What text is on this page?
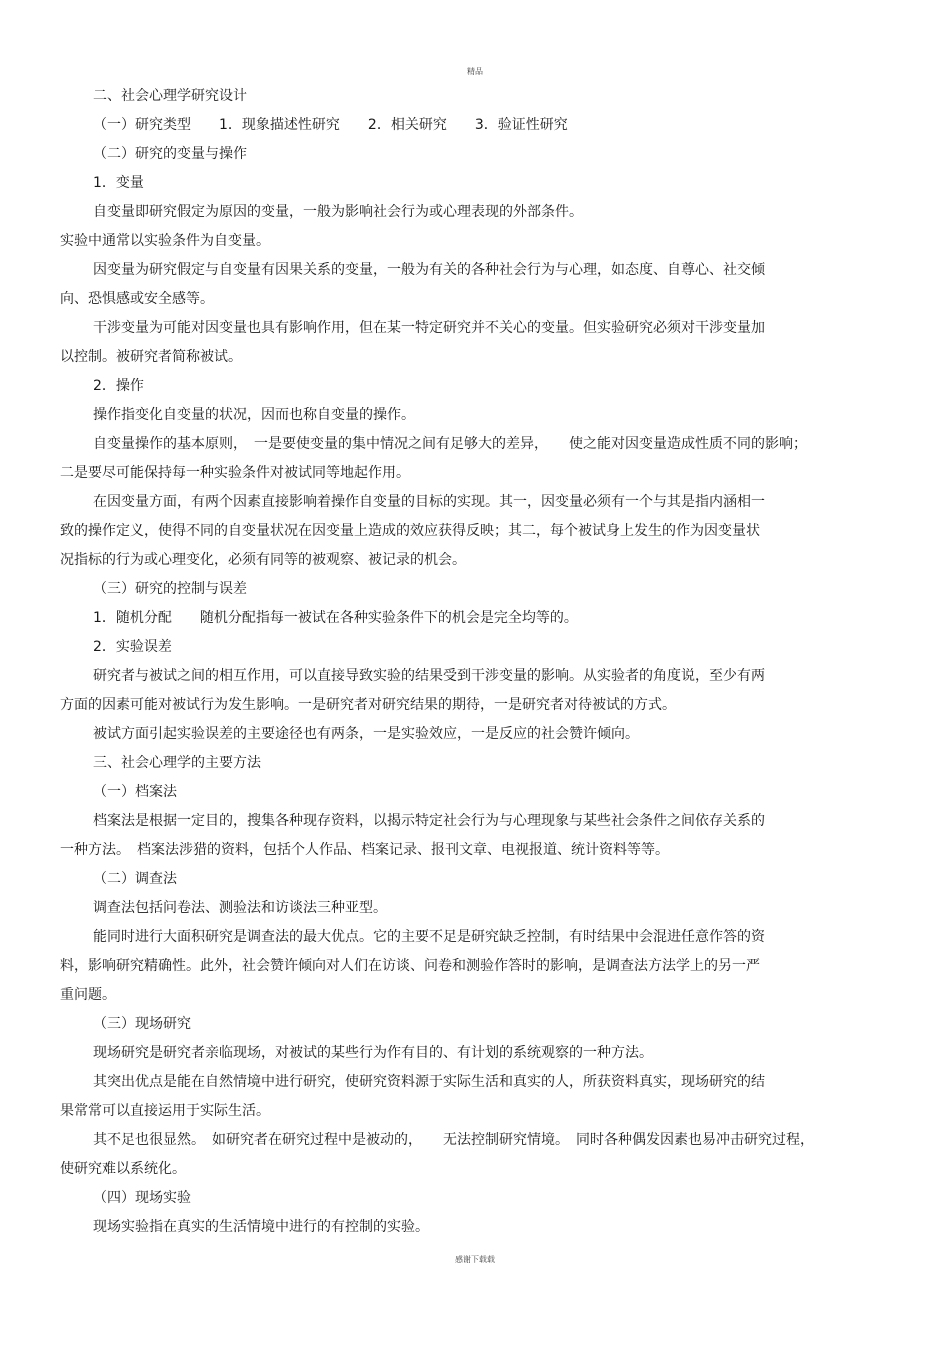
精品
二、社会心理学研究设计
（一）研究类型　　1．现象描述性研究　　2．相关研究　　3．验证性研究
（二）研究的变量与操作
1．变量
自变量即研究假定为原因的变量，一般为影响社会行为或心理表现的外部条件。
实验中通常以实验条件为自变量。
因变量为研究假定与自变量有因果关系的变量，一般为有关的各种社会行为与心理，如态度、自尊心、社交倾
向、恐惧感或安全感等。
干涉变量为可能对因变量也具有影响作用，但在某一特定研究并不关心的变量。但实验研究必须对干涉变量加
以控制。被研究者简称被试。
2．操作
操作指变化自变量的状况，因而也称自变量的操作。
自变量操作的基本原则，　一是要使变量的集中情况之间有足够大的差异，　　使之能对因变量造成性质不同的影响；
二是要尽可能保持每一种实验条件对被试同等地起作用。
在因变量方面，有两个因素直接影响着操作自变量的目标的实现。其一，因变量必须有一个与其是指内涵相一
致的操作定义，使得不同的自变量状况在因变量上造成的效应获得反映；其二，每个被试身上发生的作为因变量状
况指标的行为或心理变化，必须有同等的被观察、被记录的机会。
（三）研究的控制与误差
1．随机分配　　随机分配指每一被试在各种实验条件下的机会是完全均等的。
2．实验误差
研究者与被试之间的相互作用，可以直接导致实验的结果受到干涉变量的影响。从实验者的角度说，至少有两
方面的因素可能对被试行为发生影响。一是研究者对研究结果的期待，一是研究者对待被试的方式。
被试方面引起实验误差的主要途径也有两条，一是实验效应，一是反应的社会赞许倾向。
三、社会心理学的主要方法
（一）档案法
档案法是根据一定目的，搜集各种现存资料，以揭示特定社会行为与心理现象与某些社会条件之间依存关系的
一种方法。　档案法涉猎的资料，包括个人作品、档案记录、报刊文章、电视报道、统计资料等等。
（二）调查法
调查法包括问卷法、测验法和访谈法三种亚型。
能同时进行大面积研究是调查法的最大优点。它的主要不足是研究缺乏控制，有时结果中会混进任意作答的资
料，影响研究精确性。此外，社会赞许倾向对人们在访谈、问卷和测验作答时的影响，是调查法方法学上的另一严
重问题。
（三）现场研究
现场研究是研究者亲临现场，对被试的某些行为作有目的、有计划的系统观察的一种方法。
其突出优点是能在自然情境中进行研究，使研究资料源于实际生活和真实的人，所获资料真实，现场研究的结
果常常可以直接运用于实际生活。
其不足也很显然。　如研究者在研究过程中是被动的，　　无法控制研究情境。　同时各种偶发因素也易冲击研究过程，
使研究难以系统化。
（四）现场实验
现场实验指在真实的生活情境中进行的有控制的实验。
感谢下载载
